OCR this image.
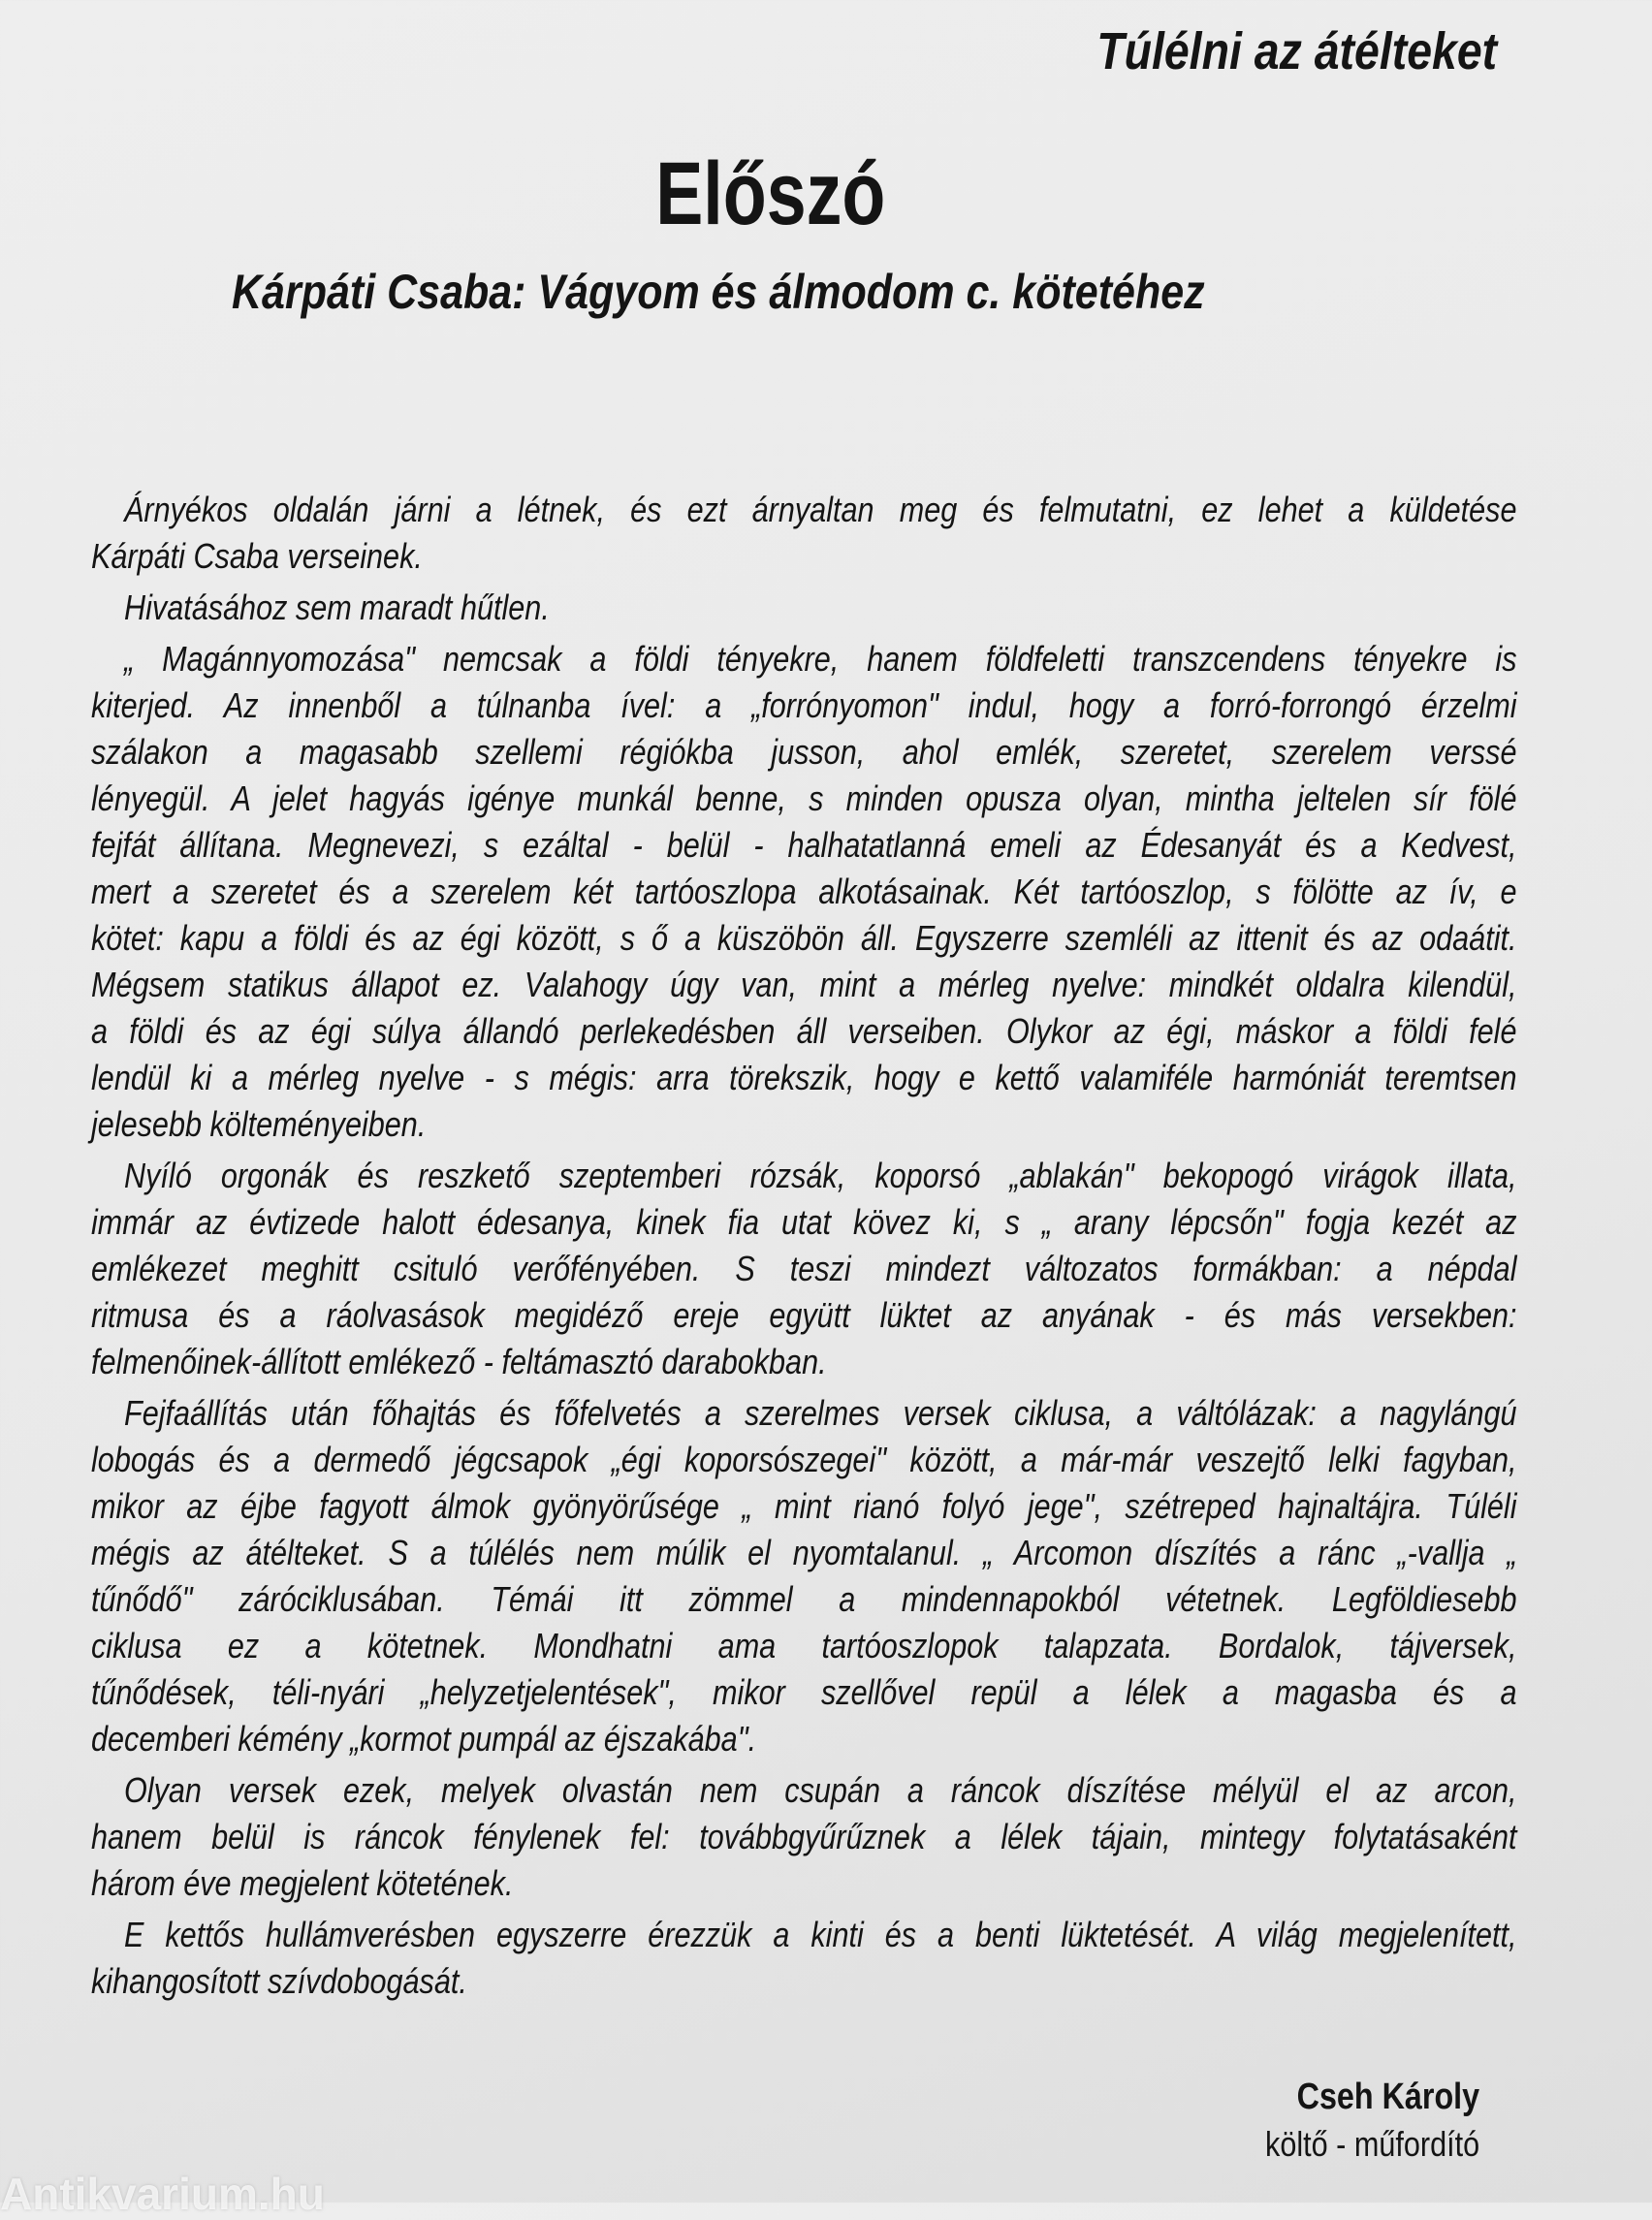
Túlélni az átélteket
Előszó
Kárpáti Csaba: Vágyom és álmodom c. kötetéhez
Árnyékos oldalán járni a létnek, és ezt árnyaltan meg és felmutatni, ez lehet a küldetése
Kárpáti Csaba verseinek.
Hivatásához sem maradt hűtlen.
„ Magánnyomozása" nemcsak a földi tényekre, hanem földfeletti transzcendens tényekre is
kiterjed. Az innenből a túlnanba ível: a „forrónyomon" indul, hogy a forró-forrongó érzelmi
szálakon a magasabb szellemi régiókba jusson, ahol emlék, szeretet, szerelem verssé
lényegül. A jelet hagyás igénye munkál benne, s minden opusza olyan, mintha jeltelen sír fölé
fejfát állítana. Megnevezi, s ezáltal - belül - halhatatlanná emeli az Édesanyát és a Kedvest,
mert a szeretet és a szerelem két tartóoszlopa alkotásainak. Két tartóoszlop, s fölötte az ív, e
kötet: kapu a földi és az égi között, s ő a küszöbön áll. Egyszerre szemléli az ittenit és az odaátit.
Mégsem statikus állapot ez. Valahogy úgy van, mint a mérleg nyelve: mindkét oldalra kilendül,
a földi és az égi súlya állandó perlekedésben áll verseiben. Olykor az égi, máskor a földi felé
lendül ki a mérleg nyelve - s mégis: arra törekszik, hogy e kettő valamiféle harmóniát teremtsen
jelesebb költeményeiben.
Nyíló orgonák és reszkető szeptemberi rózsák, koporsó „ablakán" bekopogó virágok illata,
immár az évtizede halott édesanya, kinek fia utat kövez ki, s „ arany lépcsőn" fogja kezét az
emlékezet meghitt csituló verőfényében. S teszi mindezt változatos formákban: a népdal
ritmusa és a ráolvasások megidéző ereje együtt lüktet az anyának - és más versekben:
felmenőinek-állított emlékező - feltámasztó darabokban.
Fejfaállítás után főhajtás és főfelvetés a szerelmes versek ciklusa, a váltólázak: a nagylángú
lobogás és a dermedő jégcsapok „égi koporsószegei" között, a már-már veszejtő lelki fagyban,
mikor az éjbe fagyott álmok gyönyörűsége „ mint rianó folyó jege", szétreped hajnaltájra. Túléli
mégis az átélteket. S a túlélés nem múlik el nyomtalanul. „ Arcomon díszítés a ránc „-vallja „
tűnődő" záróciklusában. Témái itt zömmel a mindennapokból vétetnek. Legföldiesebb
ciklusa ez a kötetnek. Mondhatni ama tartóoszlopok talapzata. Bordalok, tájversek,
tűnődések, téli-nyári „helyzetjelentések", mikor szellővel repül a lélek a magasba és a
decemberi kémény „kormot pumpál az éjszakába".
Olyan versek ezek, melyek olvastán nem csupán a ráncok díszítése mélyül el az arcon,
hanem belül is ráncok fénylenek fel: továbbgyűrűznek a lélek tájain, mintegy folytatásaként
három éve megjelent kötetének.
E kettős hullámverésben egyszerre érezzük a kinti és a benti lüktetését. A világ megjelenített,
kihangosított szívdobogását.
Cseh Károly
költő - műfordító
Antikvarium.hu
